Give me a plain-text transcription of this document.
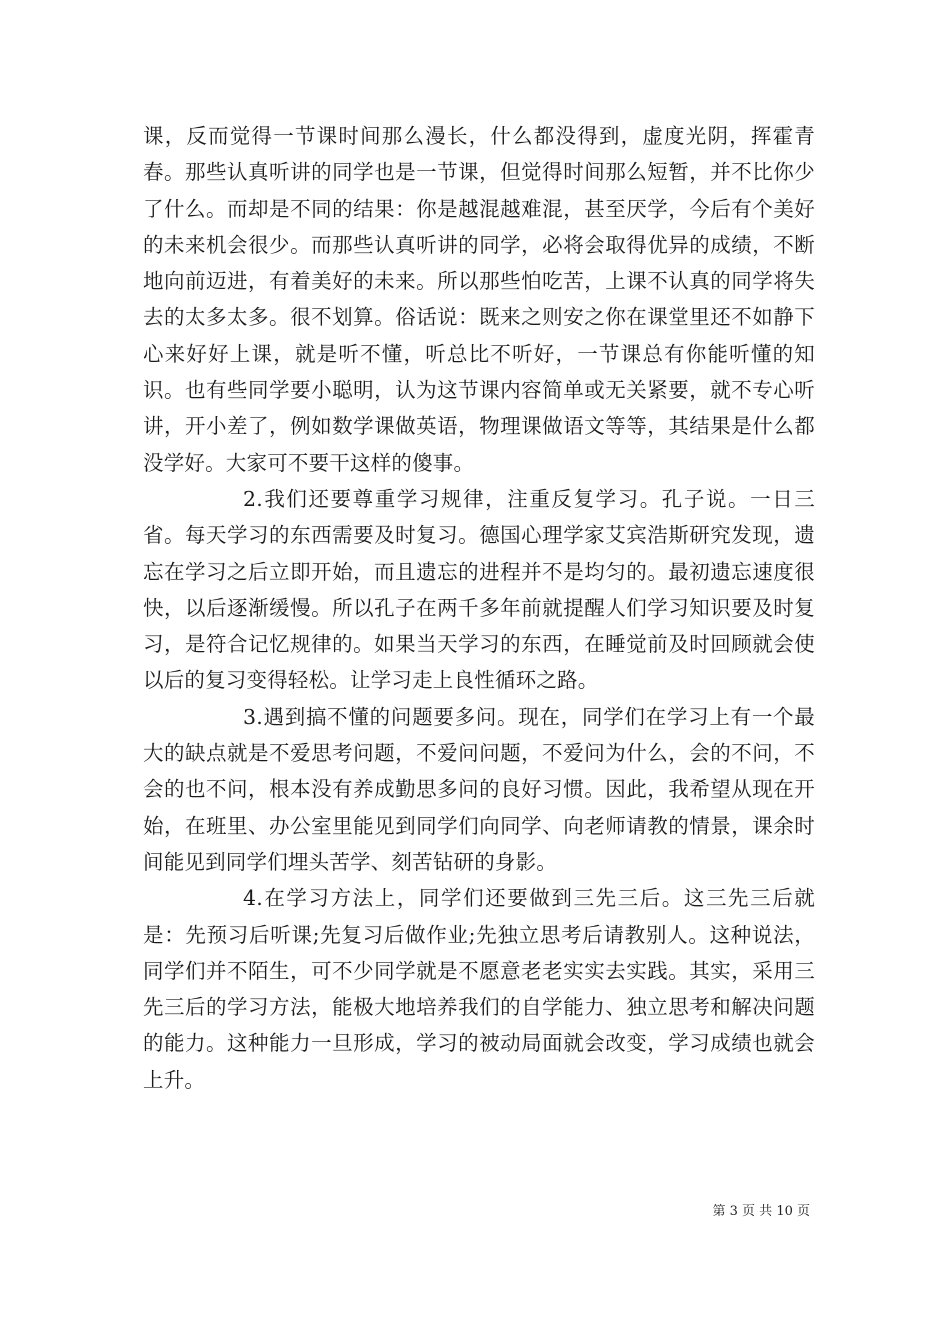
课，反而觉得一节课时间那么漫长，什么都没得到，虚度光阴，挥霍青春。那些认真听讲的同学也是一节课，但觉得时间那么短暂，并不比你少了什么。而却是不同的结果：你是越混越难混，甚至厌学，今后有个美好的未来机会很少。而那些认真听讲的同学，必将会取得优异的成绩，不断地向前迈进，有着美好的未来。所以那些怕吃苦，上课不认真的同学将失去的太多太多。很不划算。俗话说：既来之则安之你在课堂里还不如静下心来好好上课，就是听不懂，听总比不听好，一节课总有你能听懂的知识。也有些同学要小聪明，认为这节课内容简单或无关紧要，就不专心听讲，开小差了，例如数学课做英语，物理课做语文等等，其结果是什么都没学好。大家可不要干这样的傻事。

2.我们还要尊重学习规律，注重反复学习。孔子说。一日三省。每天学习的东西需要及时复习。德国心理学家艾宾浩斯研究发现，遗忘在学习之后立即开始，而且遗忘的进程并不是均匀的。最初遗忘速度很快，以后逐渐缓慢。所以孔子在两千多年前就提醒人们学习知识要及时复习，是符合记忆规律的。如果当天学习的东西，在睡觉前及时回顾就会使以后的复习变得轻松。让学习走上良性循环之路。

3.遇到搞不懂的问题要多问。现在，同学们在学习上有一个最大的缺点就是不爱思考问题，不爱问问题，不爱问为什么，会的不问，不会的也不问，根本没有养成勤思多问的良好习惯。因此，我希望从现在开始，在班里、办公室里能见到同学们向同学、向老师请教的情景，课余时间能见到同学们埋头苦学、刻苦钻研的身影。

4.在学习方法上，同学们还要做到三先三后。这三先三后就是：先预习后听课;先复习后做作业;先独立思考后请教别人。这种说法，同学们并不陌生，可不少同学就是不愿意老老实实去实践。其实，采用三先三后的学习方法，能极大地培养我们的自学能力、独立思考和解决问题的能力。这种能力一旦形成，学习的被动局面就会改变，学习成绩也就会上升。

第 3 页 共 10 页
